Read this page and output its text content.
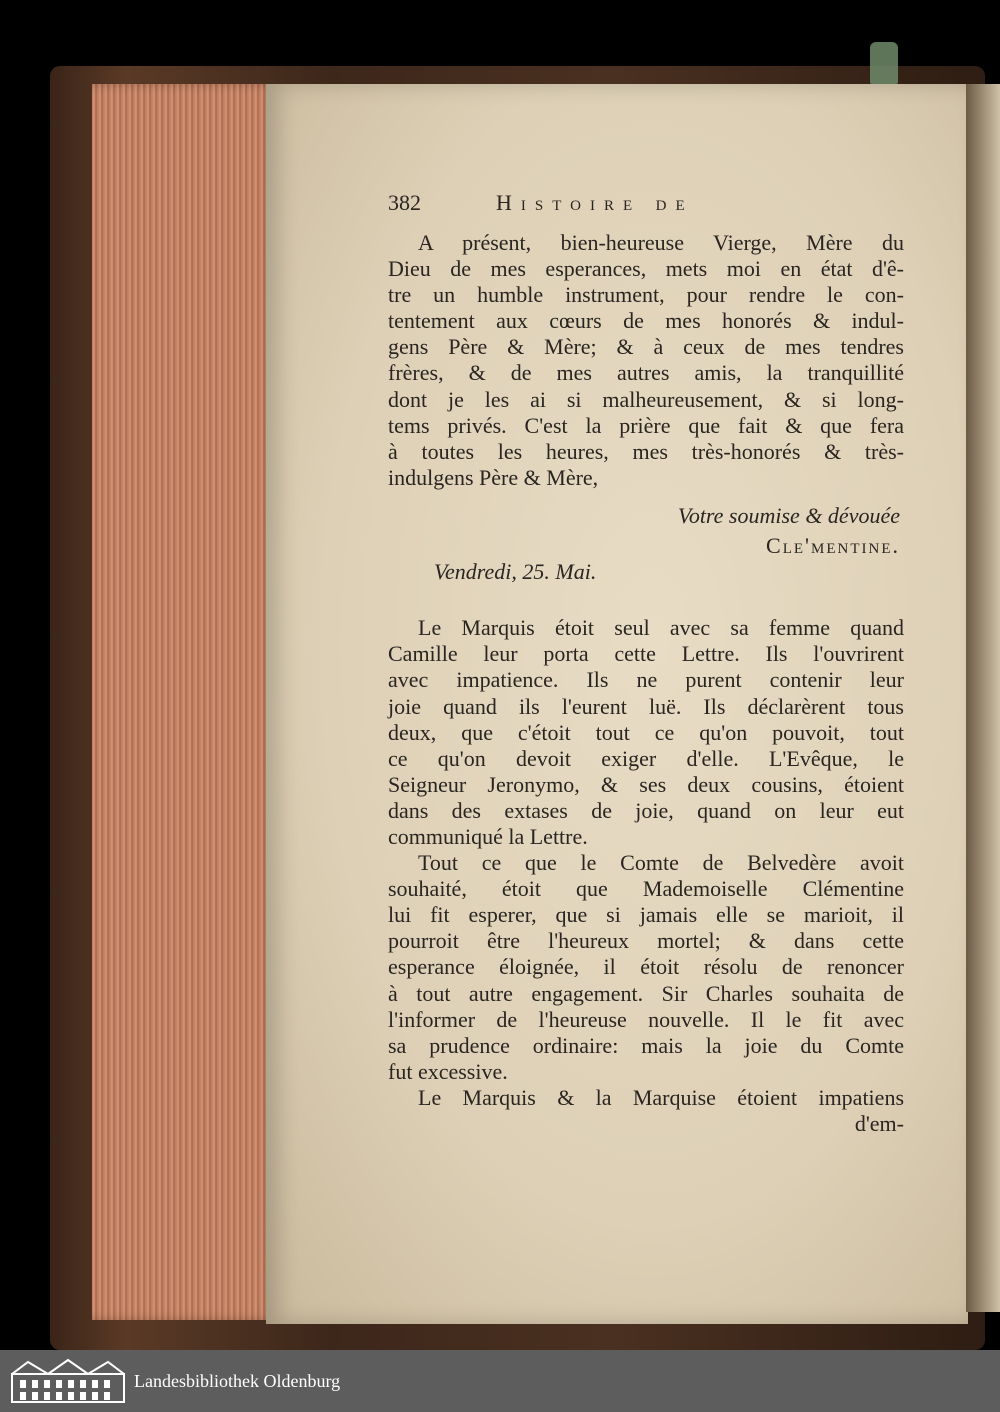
382	Histoire de
A présent, bien-heureuse Vierge, Mère du
Dieu de mes esperances, mets moi en état d'ê-
tre un humble instrument, pour rendre le con-
tentement aux cœurs de mes honorés & indul-
gens Père & Mère; & à ceux de mes tendres
frères, & de mes autres amis, la tranquillité
dont je les ai si malheureusement, & si long-
tems privés. C'est la prière que fait & que fera
à toutes les heures, mes très-honorés & très-
indulgens Père & Mère,
Votre soumise & dévouée
Cle'mentine.
Vendredi, 25. Mai.
Le Marquis étoit seul avec sa femme quand
Camille leur porta cette Lettre. Ils l'ouvrirent
avec impatience. Ils ne purent contenir leur
joie quand ils l'eurent luë. Ils déclarèrent tous
deux, que c'étoit tout ce qu'on pouvoit, tout
ce qu'on devoit exiger d'elle. L'Evêque, le
Seigneur Jeronymo, & ses deux cousins, étoient
dans des extases de joie, quand on leur eut
communiqué la Lettre.
Tout ce que le Comte de Belvedère avoit
souhaité, étoit que Mademoiselle Clémentine
lui fit esperer, que si jamais elle se marioit, il
pourroit être l'heureux mortel; & dans cette
esperance éloignée, il étoit résolu de renoncer
à tout autre engagement. Sir Charles souhaita de
l'informer de l'heureuse nouvelle. Il le fit avec
sa prudence ordinaire: mais la joie du Comte
fut excessive.
Le Marquis & la Marquise étoient impatiens
d'em-
Landesbibliothek Oldenburg
